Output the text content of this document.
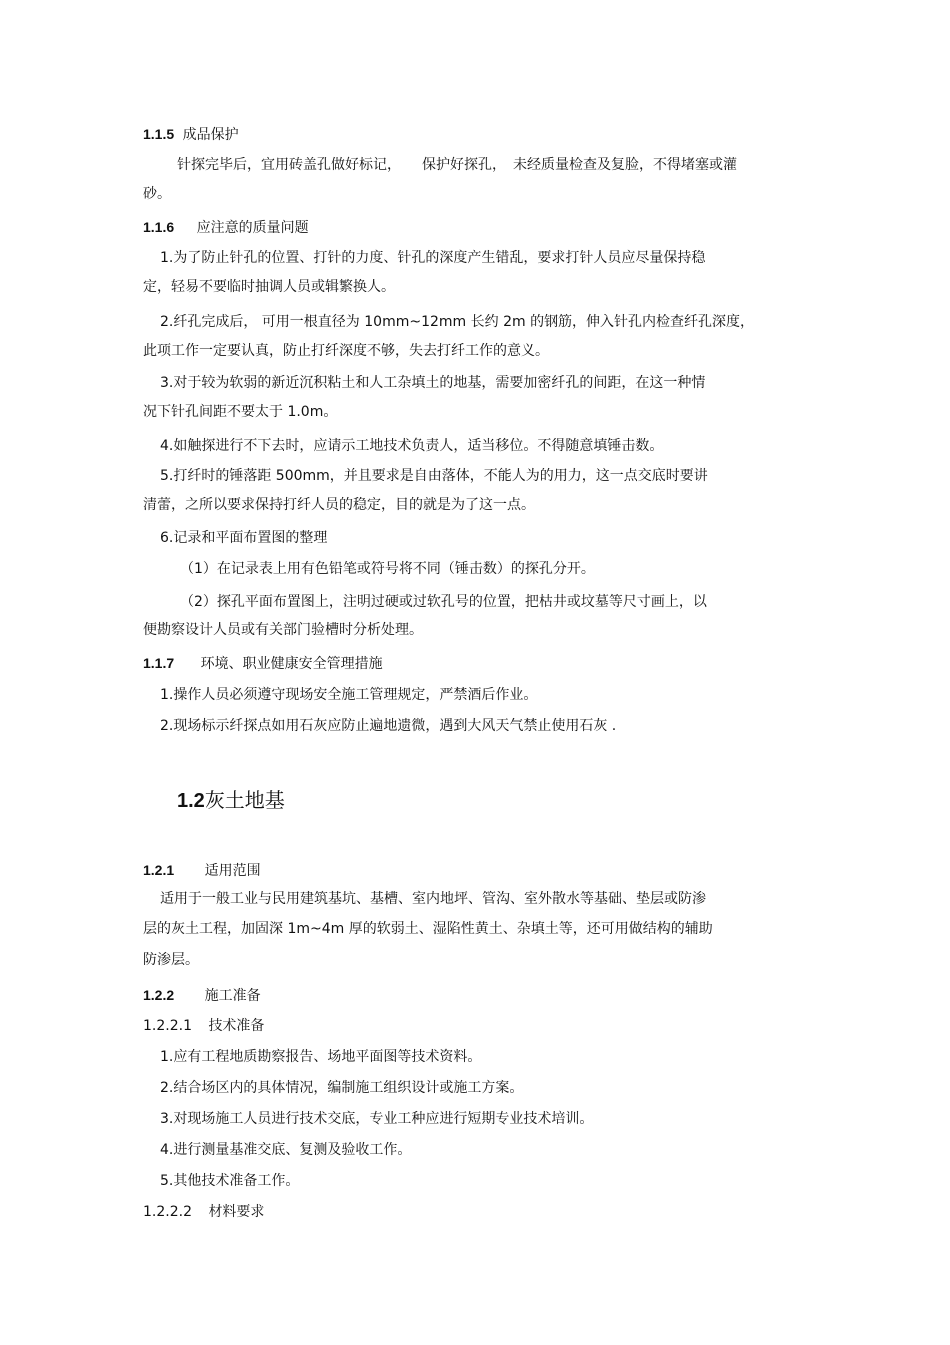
1.1.5 成品保护
针探完毕后，宜用砖盖孔做好标记，　　保护好探孔，　未经质量检查及复脸，不得堵塞或灌
砂。
1.1.6 应注意的质量问题
1.为了防止针孔的位置、打针的力度、针孔的深度产生错乱，要求打针人员应尽量保持稳
定，轻易不要临时抽调人员或辑繁换人。
2.纤孔完成后， 可用一根直径为 10mm~12mm 长约 2m 的钢筋，伸入针孔内检查纤孔深度，
此项工作一定要认真，防止打纤深度不够，失去打纤工作的意义。
3.对于较为软弱的新近沉积粘土和人工杂填土的地基，需要加密纤孔的间距，在这一种情
况下针孔间距不要太于 1.0m。
4.如触探进行不下去时，应请示工地技术负责人，适当移位。不得随意填锤击数。
5.打纤时的锤落距 500mm，并且要求是自由落体，不能人为的用力，这一点交底时要讲
清蕾，之所以要求保持打纤人员的稳定，目的就是为了这一点。
6.记录和平面布置图的整理
（1）在记录表上用有色铅笔或符号将不同（锤击数）的探孔分开。
（2）探孔平面布置图上，注明过硬或过软孔号的位置，把枯井或坟墓等尺寸画上，以
便勘察设计人员或有关部门验槽时分析处理。
1.1.7 环境、职业健康安全管理措施
1.操作人员必须遵守现场安全施工管理规定，严禁酒后作业。
2.现场标示纤探点如用石灰应防止遍地遗微，遇到大风天气禁止使用石灰 .
1.2灰土地基
1.2.1 适用范围
适用于一般工业与民用建筑基坑、基槽、室内地坪、管沟、室外散水等基础、垫层或防渗
层的灰土工程，加固深 1m~4m 厚的软弱土、湿陷性黄土、杂填土等，还可用做结构的辅助
防渗层。
1.2.2 施工准备
1.2.2.1 技术准备
1.应有工程地质勘察报告、场地平面图等技术资料。
2.结合场区内的具体情况，编制施工组织设计或施工方案。
3.对现场施工人员进行技术交底，专业工种应进行短期专业技术培训。
4.进行测量基准交底、复测及验收工作。
5.其他技术准备工作。
1.2.2.2 材料要求
